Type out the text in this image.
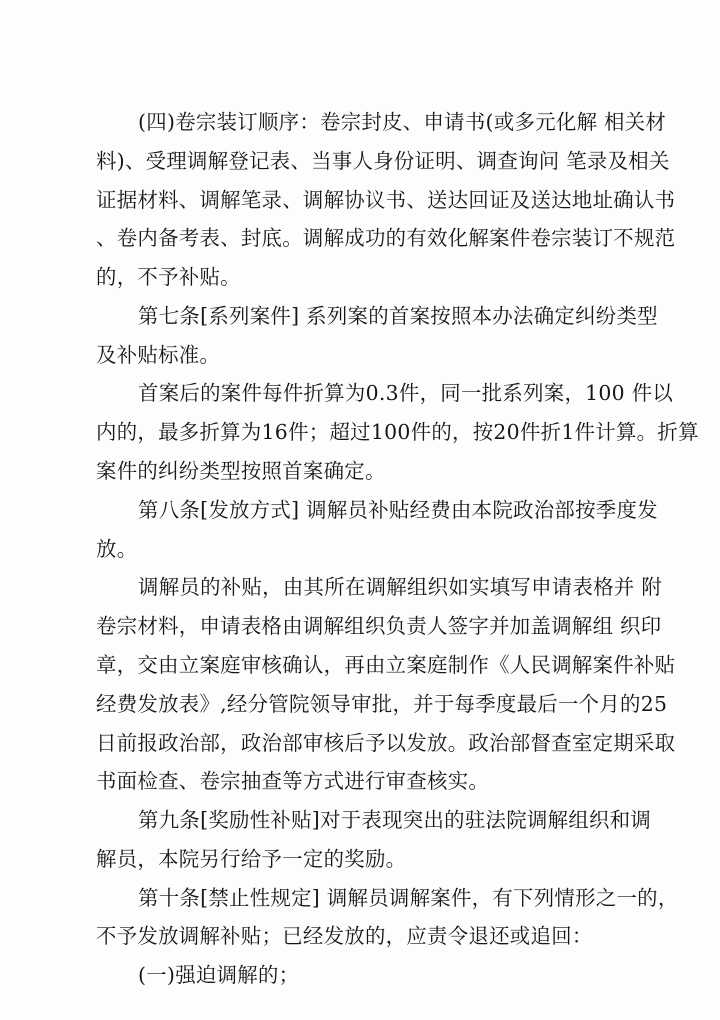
(四)卷宗装订顺序：卷宗封皮、申请书(或多元化解 相关材
料)、受理调解登记表、当事人身份证明、调查询问 笔录及相关
证据材料、调解笔录、调解协议书、送达回证及送达地址确认书
、卷内备考表、封底。调解成功的有效化解案件卷宗装订不规范
的，不予补贴。
第七条[系列案件] 系列案的首案按照本办法确定纠纷类型
及补贴标准。
首案后的案件每件折算为0.3件，同一批系列案，100 件以
内的，最多折算为16件；超过100件的，按20件折1件计算。折算
案件的纠纷类型按照首案确定。
第八条[发放方式] 调解员补贴经费由本院政治部按季度发
放。
调解员的补贴，由其所在调解组织如实填写申请表格并 附
卷宗材料，申请表格由调解组织负责人签字并加盖调解组 织印
章，交由立案庭审核确认，再由立案庭制作《人民调解案件补贴
经费发放表》,经分管院领导审批，并于每季度最后一个月的25
日前报政治部，政治部审核后予以发放。政治部督查室定期采取
书面检查、卷宗抽查等方式进行审查核实。
第九条[奖励性补贴]对于表现突出的驻法院调解组织和调
解员，本院另行给予一定的奖励。
第十条[禁止性规定] 调解员调解案件，有下列情形之一的，
不予发放调解补贴；已经发放的，应责令退还或追回：
(一)强迫调解的；
